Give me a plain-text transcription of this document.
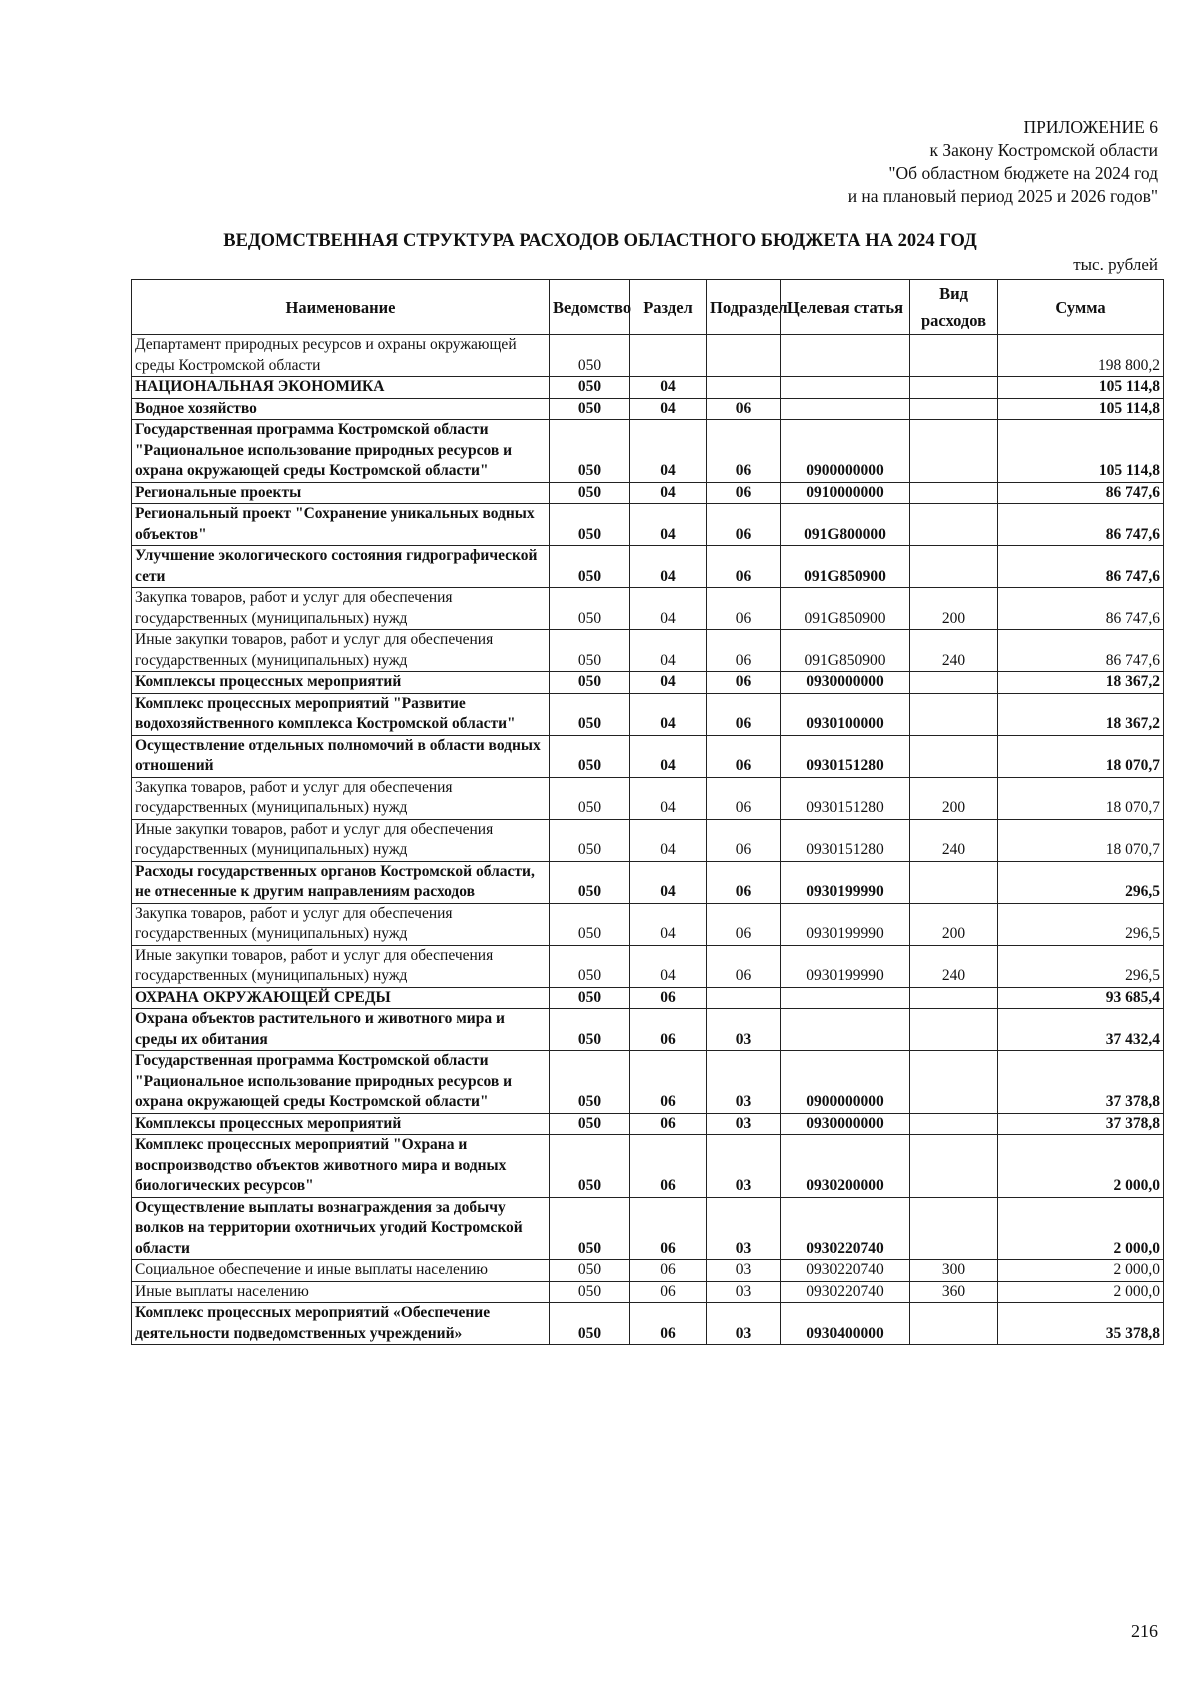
ПРИЛОЖЕНИЕ 6
к Закону Костромской области
"Об областном бюджете на 2024 год
и на плановый период 2025 и 2026 годов"
ВЕДОМСТВЕННАЯ СТРУКТУРА РАСХОДОВ ОБЛАСТНОГО БЮДЖЕТА НА 2024 ГОД
тыс. рублей
Наименование	Ведомство	Раздел	Подраздел	Целевая статья	Вид расходов	Сумма
Департамент природных ресурсов и охраны окружающей среды Костромской области	050					198 800,2
НАЦИОНАЛЬНАЯ ЭКОНОМИКА	050	04				105 114,8
Водное хозяйство	050	04	06			105 114,8
Государственная программа Костромской области "Рациональное использование природных ресурсов и охрана окружающей среды Костромской области"	050	04	06	0900000000		105 114,8
Региональные проекты	050	04	06	0910000000		86 747,6
Региональный проект "Сохранение уникальных водных объектов"	050	04	06	091G800000		86 747,6
Улучшение экологического состояния гидрографической сети	050	04	06	091G850900		86 747,6
Закупка товаров, работ и услуг для обеспечения государственных (муниципальных) нужд	050	04	06	091G850900	200	86 747,6
Иные закупки товаров, работ и услуг для обеспечения государственных (муниципальных) нужд	050	04	06	091G850900	240	86 747,6
Комплексы процессных мероприятий	050	04	06	0930000000		18 367,2
Комплекс процессных мероприятий "Развитие водохозяйственного комплекса Костромской области"	050	04	06	0930100000		18 367,2
Осуществление отдельных полномочий в области водных отношений	050	04	06	0930151280		18 070,7
Закупка товаров, работ и услуг для обеспечения государственных (муниципальных) нужд	050	04	06	0930151280	200	18 070,7
Иные закупки товаров, работ и услуг для обеспечения государственных (муниципальных) нужд	050	04	06	0930151280	240	18 070,7
Расходы государственных органов Костромской области, не отнесенные к другим направлениям расходов	050	04	06	0930199990		296,5
Закупка товаров, работ и услуг для обеспечения государственных (муниципальных) нужд	050	04	06	0930199990	200	296,5
Иные закупки товаров, работ и услуг для обеспечения государственных (муниципальных) нужд	050	04	06	0930199990	240	296,5
ОХРАНА ОКРУЖАЮЩЕЙ СРЕДЫ	050	06				93 685,4
Охрана объектов растительного и животного мира и среды их обитания	050	06	03			37 432,4
Государственная программа Костромской области "Рациональное использование природных ресурсов и охрана окружающей среды Костромской области"	050	06	03	0900000000		37 378,8
Комплексы процессных мероприятий	050	06	03	0930000000		37 378,8
Комплекс процессных мероприятий "Охрана и воспроизводство объектов животного мира и водных биологических ресурсов"	050	06	03	0930200000		2 000,0
Осуществление выплаты вознаграждения за добычу волков на территории охотничьих угодий Костромской области	050	06	03	0930220740		2 000,0
Социальное обеспечение и иные выплаты населению	050	06	03	0930220740	300	2 000,0
Иные выплаты населению	050	06	03	0930220740	360	2 000,0
Комплекс процессных мероприятий «Обеспечение деятельности подведомственных учреждений»	050	06	03	0930400000		35 378,8
216
